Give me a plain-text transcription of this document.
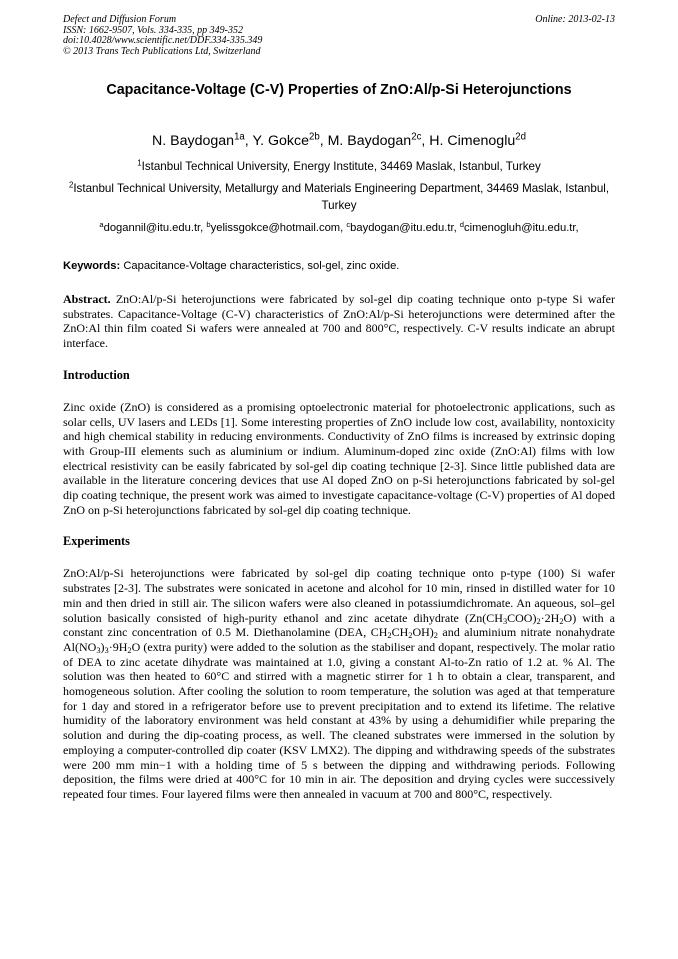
Defect and Diffusion Forum
ISSN: 1662-9507, Vols. 334-335, pp 349-352
doi:10.4028/www.scientific.net/DDF.334-335.349
© 2013 Trans Tech Publications Ltd, Switzerland
Online: 2013-02-13
Capacitance-Voltage (C-V) Properties of ZnO:Al/p-Si Heterojunctions
N. Baydogan$^{1a}$, Y. Gokce$^{2b}$, M. Baydogan$^{2c}$, H. Cimenoglu$^{2d}$
$^1$Istanbul Technical University, Energy Institute, 34469 Maslak, Istanbul, Turkey
$^2$Istanbul Technical University, Metallurgy and Materials Engineering Department, 34469 Maslak, Istanbul, Turkey
$^a$dogannil@itu.edu.tr, $^b$yelissgokce@hotmail.com, $^c$baydogan@itu.edu.tr, $^d$cimenogluh@itu.edu.tr,
Keywords: Capacitance-Voltage characteristics, sol-gel, zinc oxide.

Abstract. ZnO:Al/p-Si heterojunctions were fabricated by sol-gel dip coating technique onto p-type Si wafer substrates. Capacitance-Voltage (C-V) characteristics of ZnO:Al/p-Si heterojunctions were determined after the ZnO:Al thin film coated Si wafers were annealed at 700 and 800°C, respectively. C-V results indicate an abrupt interface.

Introduction

Zinc oxide (ZnO) is considered as a promising optoelectronic material for photoelectronic applications, such as solar cells, UV lasers and LEDs [1]. Some interesting properties of ZnO include low cost, availability, nontoxicity and high chemical stability in reducing environments. Conductivity of ZnO films is increased by extrinsic doping with Group-III elements such as aluminium or indium. Aluminum-doped zinc oxide (ZnO:Al) films with low electrical resistivity can be easily fabricated by sol-gel dip coating technique [2-3]. Since little published data are available in the literature concering devices that use Al doped ZnO on p-Si heterojunctions fabricated by sol-gel dip coating technique, the present work was aimed to investigate capacitance-voltage (C-V) properties of Al doped ZnO on p-Si heterojunctions fabricated by sol-gel dip coating technique.

Experiments

ZnO:Al/p-Si heterojunctions were fabricated by sol-gel dip coating technique onto p-type (100) Si wafer substrates [2-3]. The substrates were sonicated in acetone and alcohol for 10 min, rinsed in distilled water for 10 min and then dried in still air. The silicon wafers were also cleaned in potassiumdichromate. An aqueous, sol–gel solution basically consisted of high-purity ethanol and zinc acetate dihydrate $(Zn(CH_3COO)_2\cdot 2H_2O)$ with a constant zinc concentration of 0.5 M. Diethanolamine (DEA, $CH_2CH_2OH)_2$ and aluminium nitrate nonahydrate $Al(NO_3)_3\cdot 9H_2O$ (extra purity) were added to the solution as the stabiliser and dopant, respectively. The molar ratio of DEA to zinc acetate dihydrate was maintained at 1.0, giving a constant Al-to-Zn ratio of 1.2 at. % Al. The solution was then heated to 60°C and stirred with a magnetic stirrer for 1 h to obtain a clear, transparent, and homogeneous solution. After cooling the solution to room temperature, the solution was aged at that temperature for 1 day and stored in a refrigerator before use to prevent precipitation and to extend its lifetime. The relative humidity of the laboratory environment was held constant at 43% by using a dehumidifier while preparing the solution and during the dip-coating process, as well. The cleaned substrates were immersed in the solution by employing a computer-controlled dip coater (KSV LMX2). The dipping and withdrawing speeds of the substrates were 200 mm min−1 with a holding time of 5 s between the dipping and withdrawing periods. Following deposition, the films were dried at 400°C for 10 min in air. The deposition and drying cycles were successively repeated four times. Four layered films were then annealed in vacuum at 700 and 800°C, respectively.
